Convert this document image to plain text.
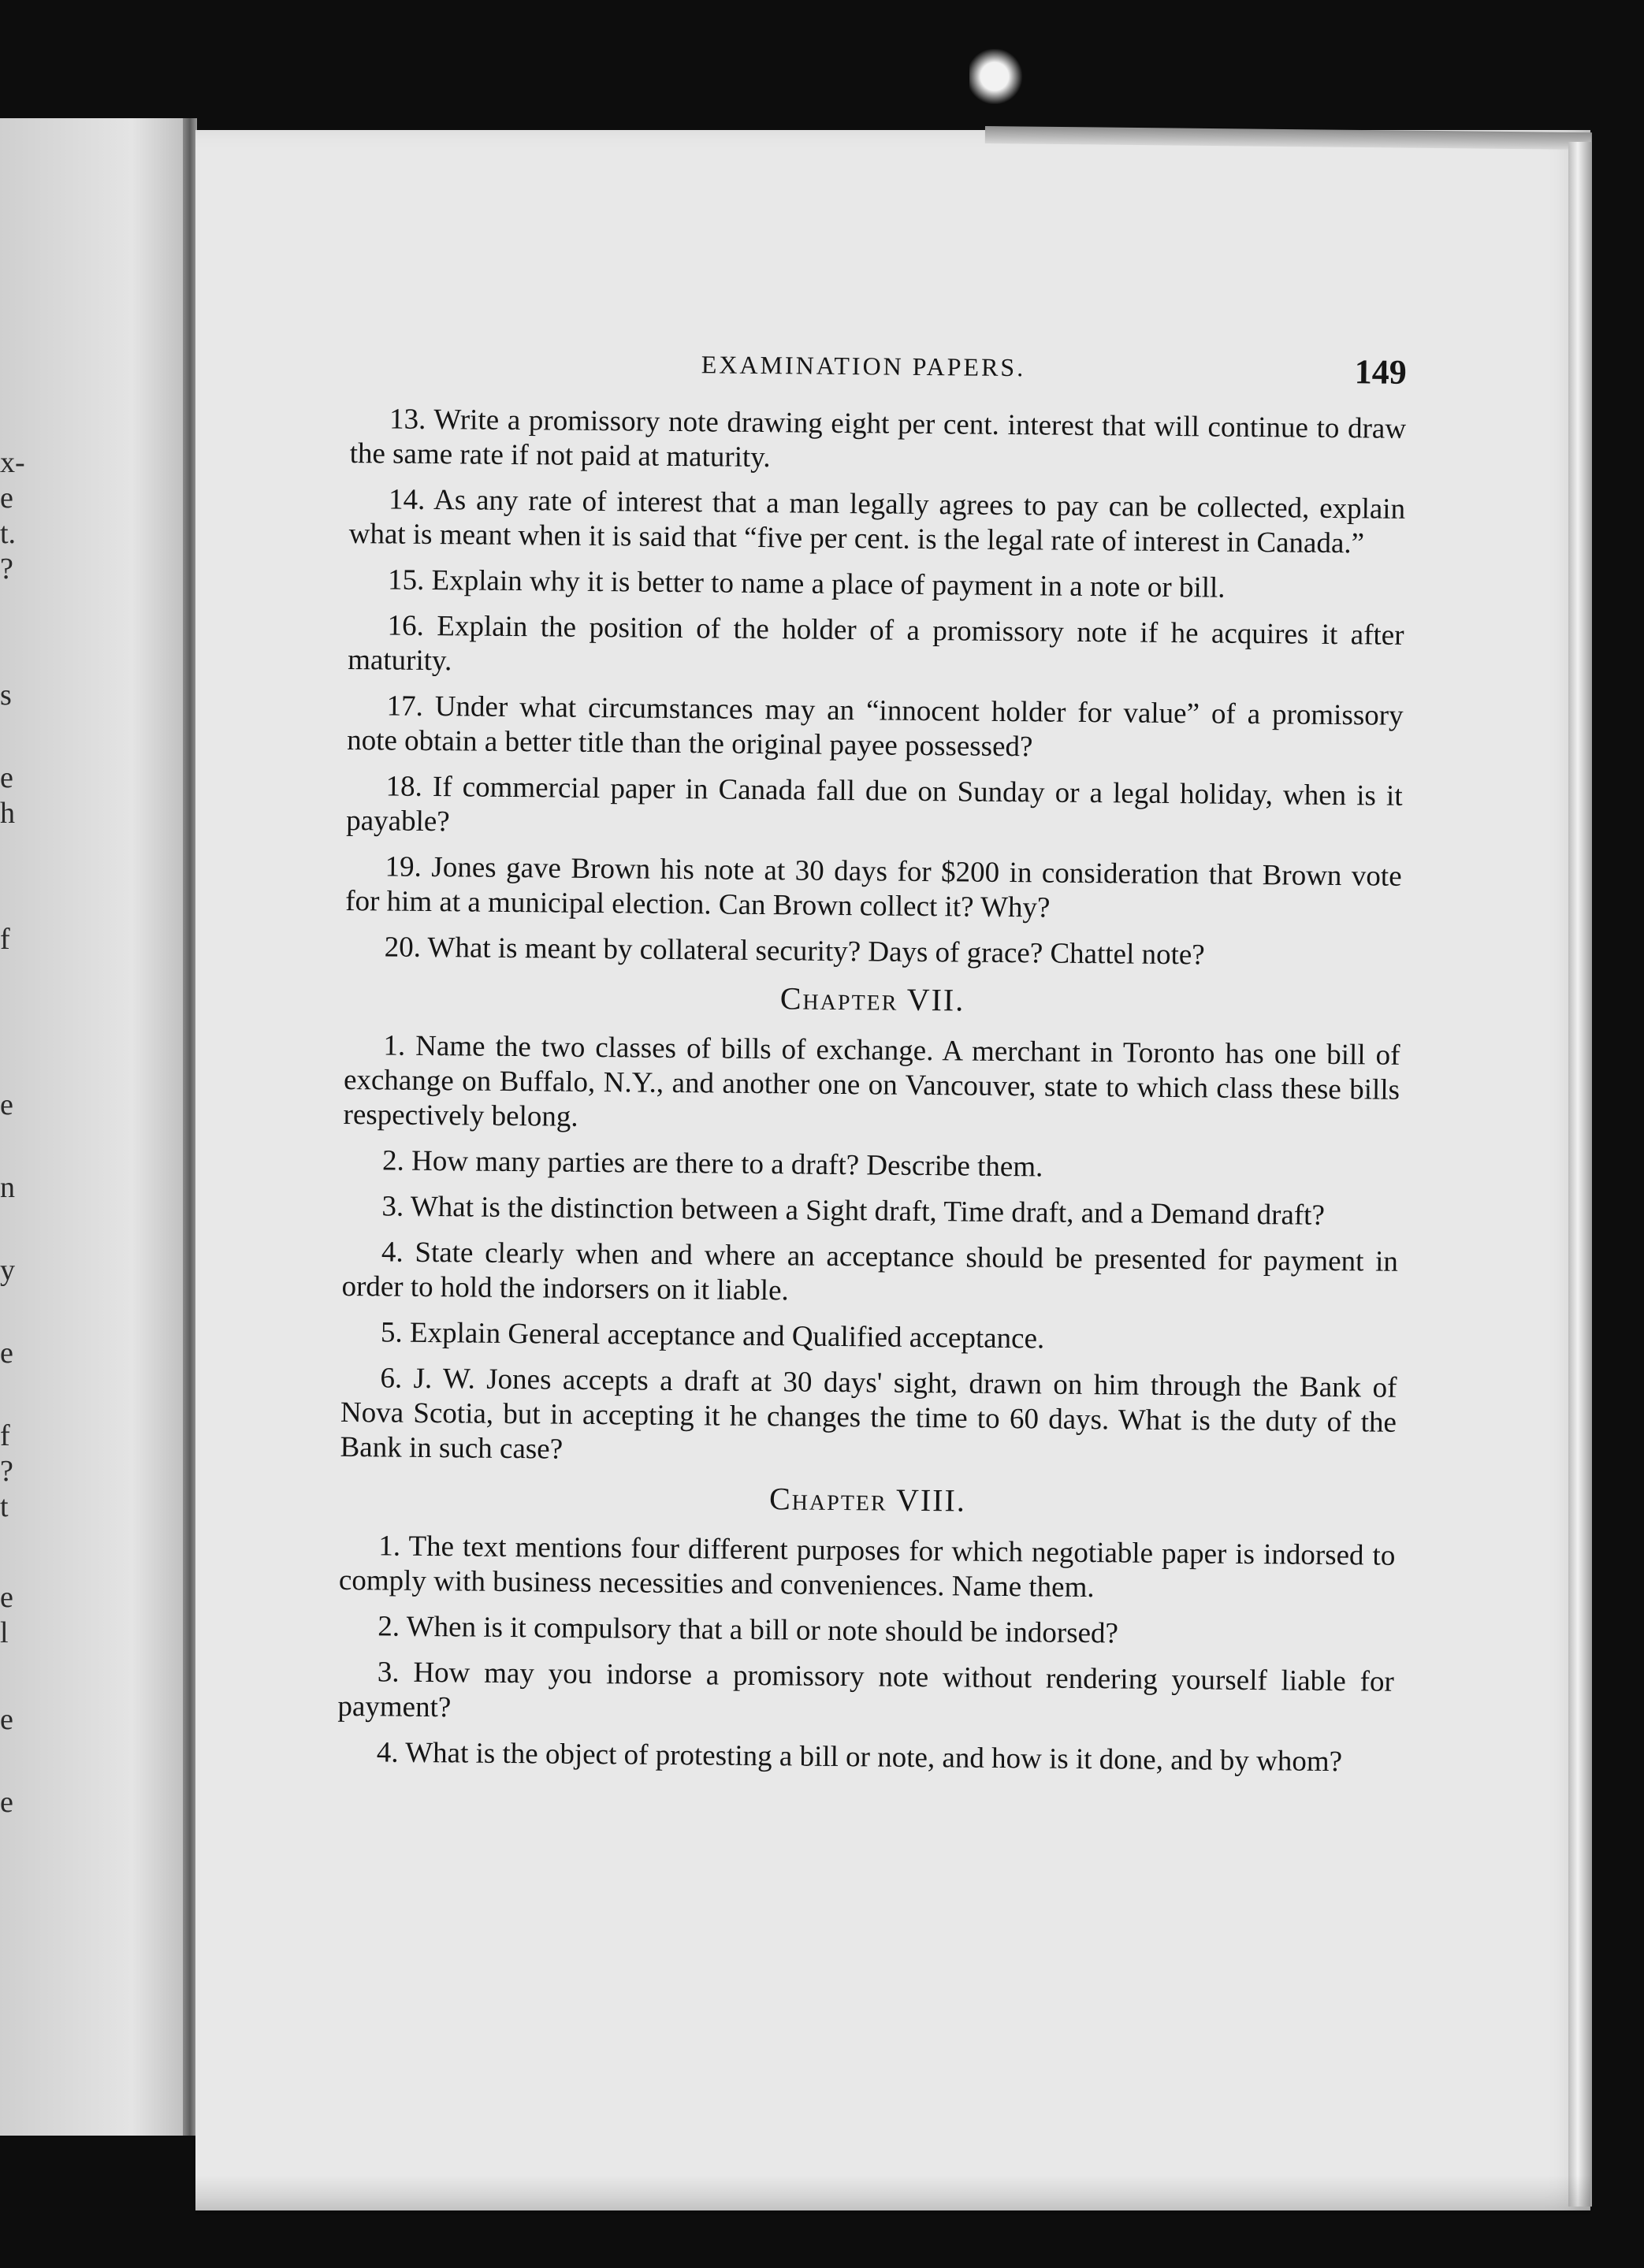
x-
e
t.
?
s
e
h
f
e
n
y
e
f
?
t
e
l
e
e
EXAMINATION PAPERS.	149

13. Write a promissory note drawing eight per cent. interest that will continue to draw the same rate if not paid at maturity.

14. As any rate of interest that a man legally agrees to pay can be collected, explain what is meant when it is said that “five per cent. is the legal rate of interest in Canada.”

15. Explain why it is better to name a place of payment in a note or bill.

16. Explain the position of the holder of a promissory note if he acquires it after maturity.

17. Under what circumstances may an “innocent holder for value” of a promissory note obtain a better title than the original payee possessed?

18. If commercial paper in Canada fall due on Sunday or a legal holiday, when is it payable?

19. Jones gave Brown his note at 30 days for $200 in consideration that Brown vote for him at a municipal election. Can Brown collect it? Why?

20. What is meant by collateral security? Days of grace? Chattel note?

Chapter VII.

1. Name the two classes of bills of exchange. A merchant in Toronto has one bill of exchange on Buffalo, N.Y., and another one on Vancouver, state to which class these bills respectively belong.

2. How many parties are there to a draft? Describe them.

3. What is the distinction between a Sight draft, Time draft, and a Demand draft?

4. State clearly when and where an acceptance should be presented for payment in order to hold the indorsers on it liable.

5. Explain General acceptance and Qualified acceptance.

6. J. W. Jones accepts a draft at 30 days' sight, drawn on him through the Bank of Nova Scotia, but in accepting it he changes the time to 60 days. What is the duty of the Bank in such case?

Chapter VIII.

1. The text mentions four different purposes for which negotiable paper is indorsed to comply with business necessities and conveniences. Name them.

2. When is it compulsory that a bill or note should be indorsed?

3. How may you indorse a promissory note without rendering yourself liable for payment?

4. What is the object of protesting a bill or note, and how is it done, and by whom?
